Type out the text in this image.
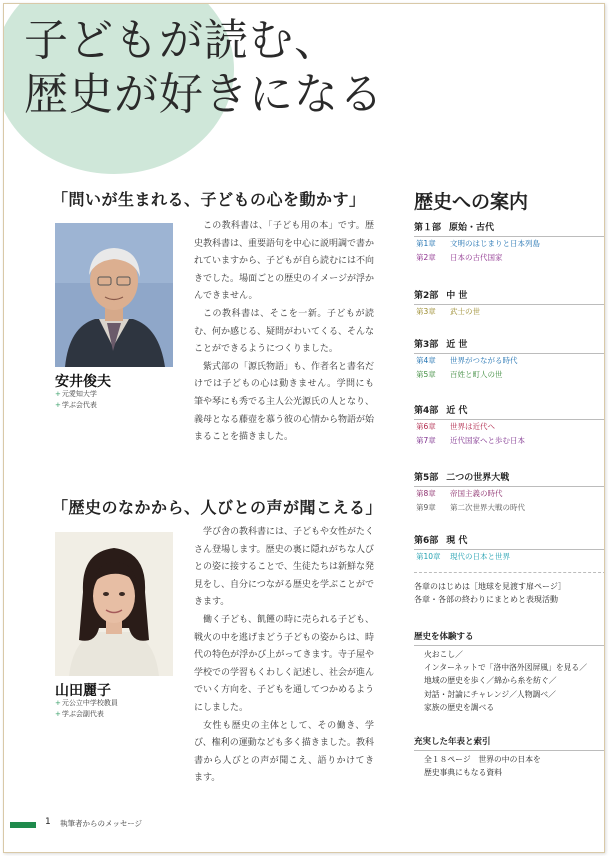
子どもが読む、
歴史が好きになる
「問いが生まれる、子どもの心を動かす」
安井俊夫
+ 元愛知大学
+ 学ぶ会代表

この教科書は、「子ども用の本」です。歴史教科書は、重要語句を中心に説明調で書かれていますから、子どもが自ら読むには不向きでした。場面ごとの歴史のイメージが浮かんできません。

この教科書は、そこを一新。子どもが読む、何か感じる、疑問がわいてくる、そんなことができるようにつくりました。

紫式部の「源氏物語」も、作者名と書名だけでは子どもの心は動きません。学問にも筆や琴にも秀でる主人公光源氏の人となり、義母となる藤壺を慕う彼の心情から物語が始まることを描きました。

「歴史のなかから、人びとの声が聞こえる」
山田麗子
+ 元公立中学校教員
+ 学ぶ会副代表

学び舎の教科書には、子どもや女性がたくさん登場します。歴史の裏に隠れがちな人びとの姿に接することで、生徒たちは新鮮な発見をし、自分につながる歴史を学ぶことができます。

働く子ども、飢饉の時に売られる子ども、戦火の中を逃げまどう子どもの姿からは、時代の特色が浮かび上がってきます。寺子屋や学校での学習もくわしく記述し、社会が進んでいく方向を、子どもを通してつかめるようにしました。

女性も歴史の主体として、その働き、学び、権利の運動なども多く描きました。教科書から人びとの声が聞こえ、語りかけてきます。

歴史への案内
各章のはじめは［地球を見渡す扉ページ］
各章・各部の終わりにまとめと表現活動
歴史を体験する
火おこし／
インターネットで「洛中洛外図屏風」を見る／
地域の歴史を歩く／綿から糸を紡ぐ／
対話・討論にチャレンジ／人物調べ／
家族の歴史を調べる
充実した年表と索引
全１８ページ　世界の中の日本を
歴史事典にもなる資料
1 執筆者からのメッセージ
第１部 原始・古代
第1章 文明のはじまりと日本列島
第2章 日本の古代国家
第2部 中 世
第3章 武士の世
第3部 近 世
第4章 世界がつながる時代
第5章 百姓と町人の世
第4部 近 代
第6章 世界は近代へ
第7章 近代国家へと歩む日本
第5部 二つの世界大戦
第8章 帝国主義の時代
第9章 第二次世界大戦の時代
第6部 現 代
第10章 現代の日本と世界
